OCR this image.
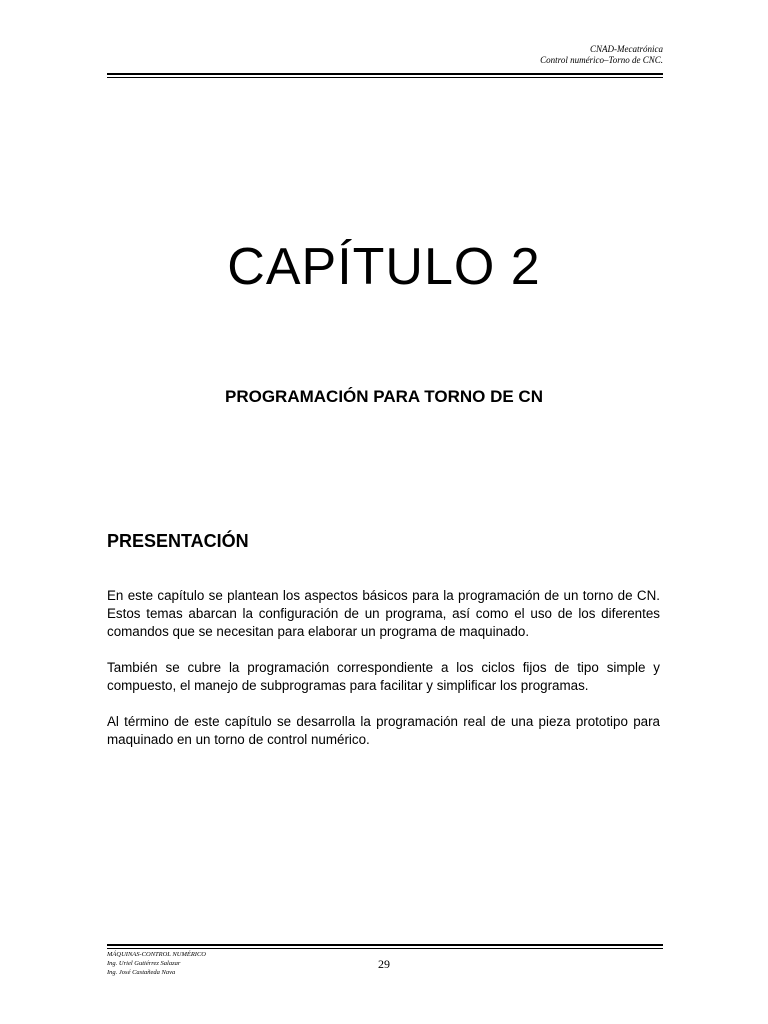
CNAD-Mecatrónica
Control numérico–Torno de CNC.
CAPÍTULO 2
PROGRAMACIÓN PARA TORNO DE CN
PRESENTACIÓN

En este capítulo se plantean los aspectos básicos para la programación de un torno de CN. Estos temas abarcan la configuración de un programa, así como el uso de los diferentes comandos que se necesitan para elaborar un programa de maquinado.

También se cubre la programación correspondiente a los ciclos fijos de tipo simple y compuesto, el manejo de subprogramas para facilitar y simplificar los programas.

Al término de este capítulo se desarrolla la programación real de una pieza prototipo para maquinado en un torno de control numérico.

MÁQUINAS-CONTROL NUMÉRICO
Ing. Uriel Gutiérrez Salazar
Ing. José Castañeda Nava
29
